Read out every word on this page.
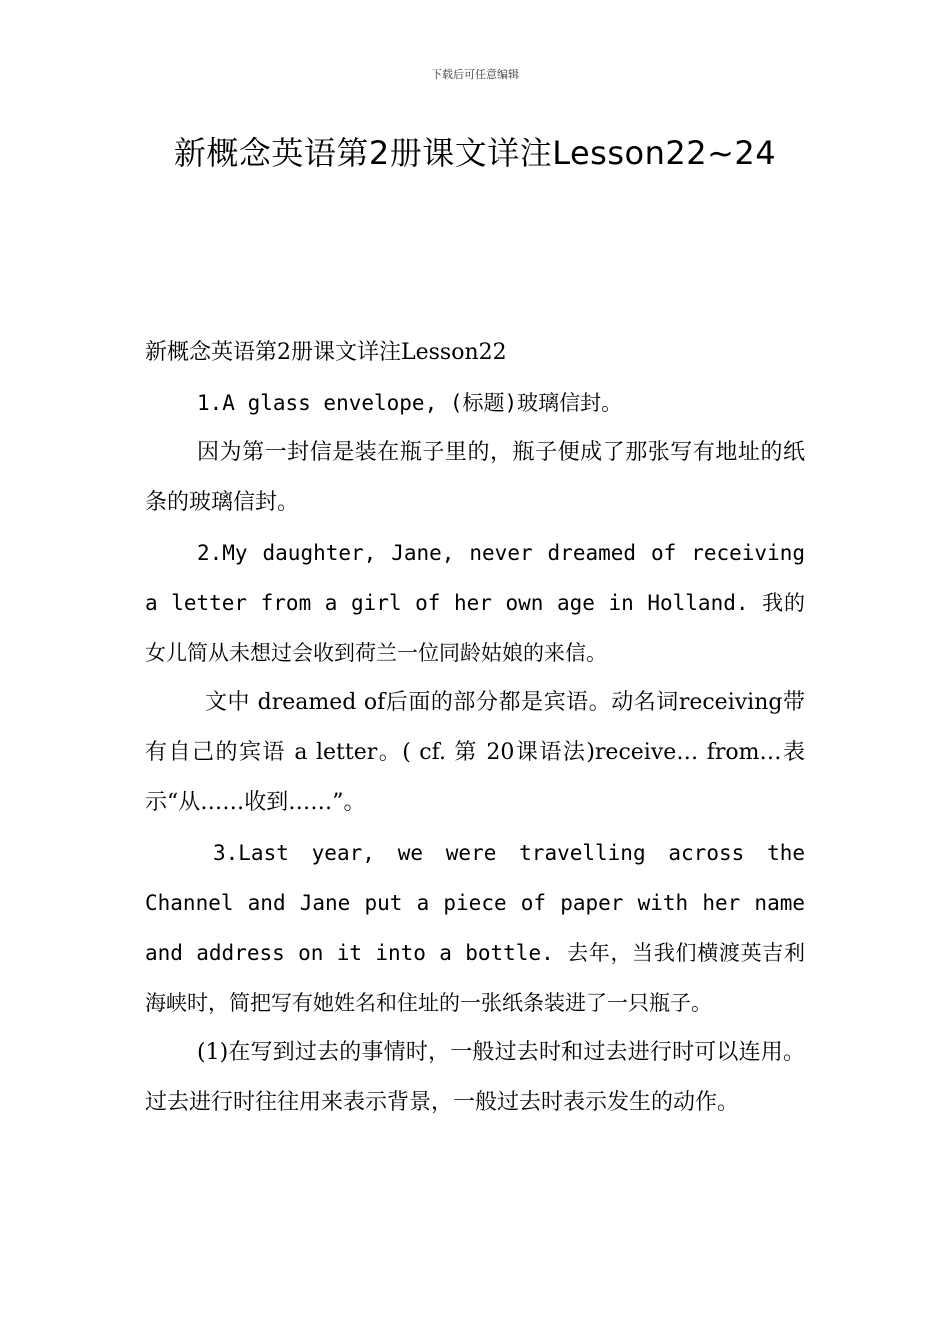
下载后可任意编辑
新概念英语第2册课文详注Lesson22~24

新概念英语第2册课文详注Lesson22

1.A glass envelope, (标题)玻璃信封。

因为第一封信是装在瓶子里的，瓶子便成了那张写有地址的纸条的玻璃信封。

2.My daughter, Jane, never dreamed of receiving a letter from a girl of her own age in Holland. 我的女儿简从未想过会收到荷兰一位同龄姑娘的来信。

文中 dreamed of后面的部分都是宾语。动名词receiving带有自己的宾语 a letter。( cf. 第 20课语法)receive… from…表示“从……收到……”。

3.Last year, we were travelling across the Channel and Jane put a piece of paper with her name and address on it into a bottle. 去年，当我们横渡英吉利海峡时，简把写有她姓名和住址的一张纸条装进了一只瓶子。

(1)在写到过去的事情时，一般过去时和过去进行时可以连用。过去进行时往往用来表示背景，一般过去时表示发生的动作。
